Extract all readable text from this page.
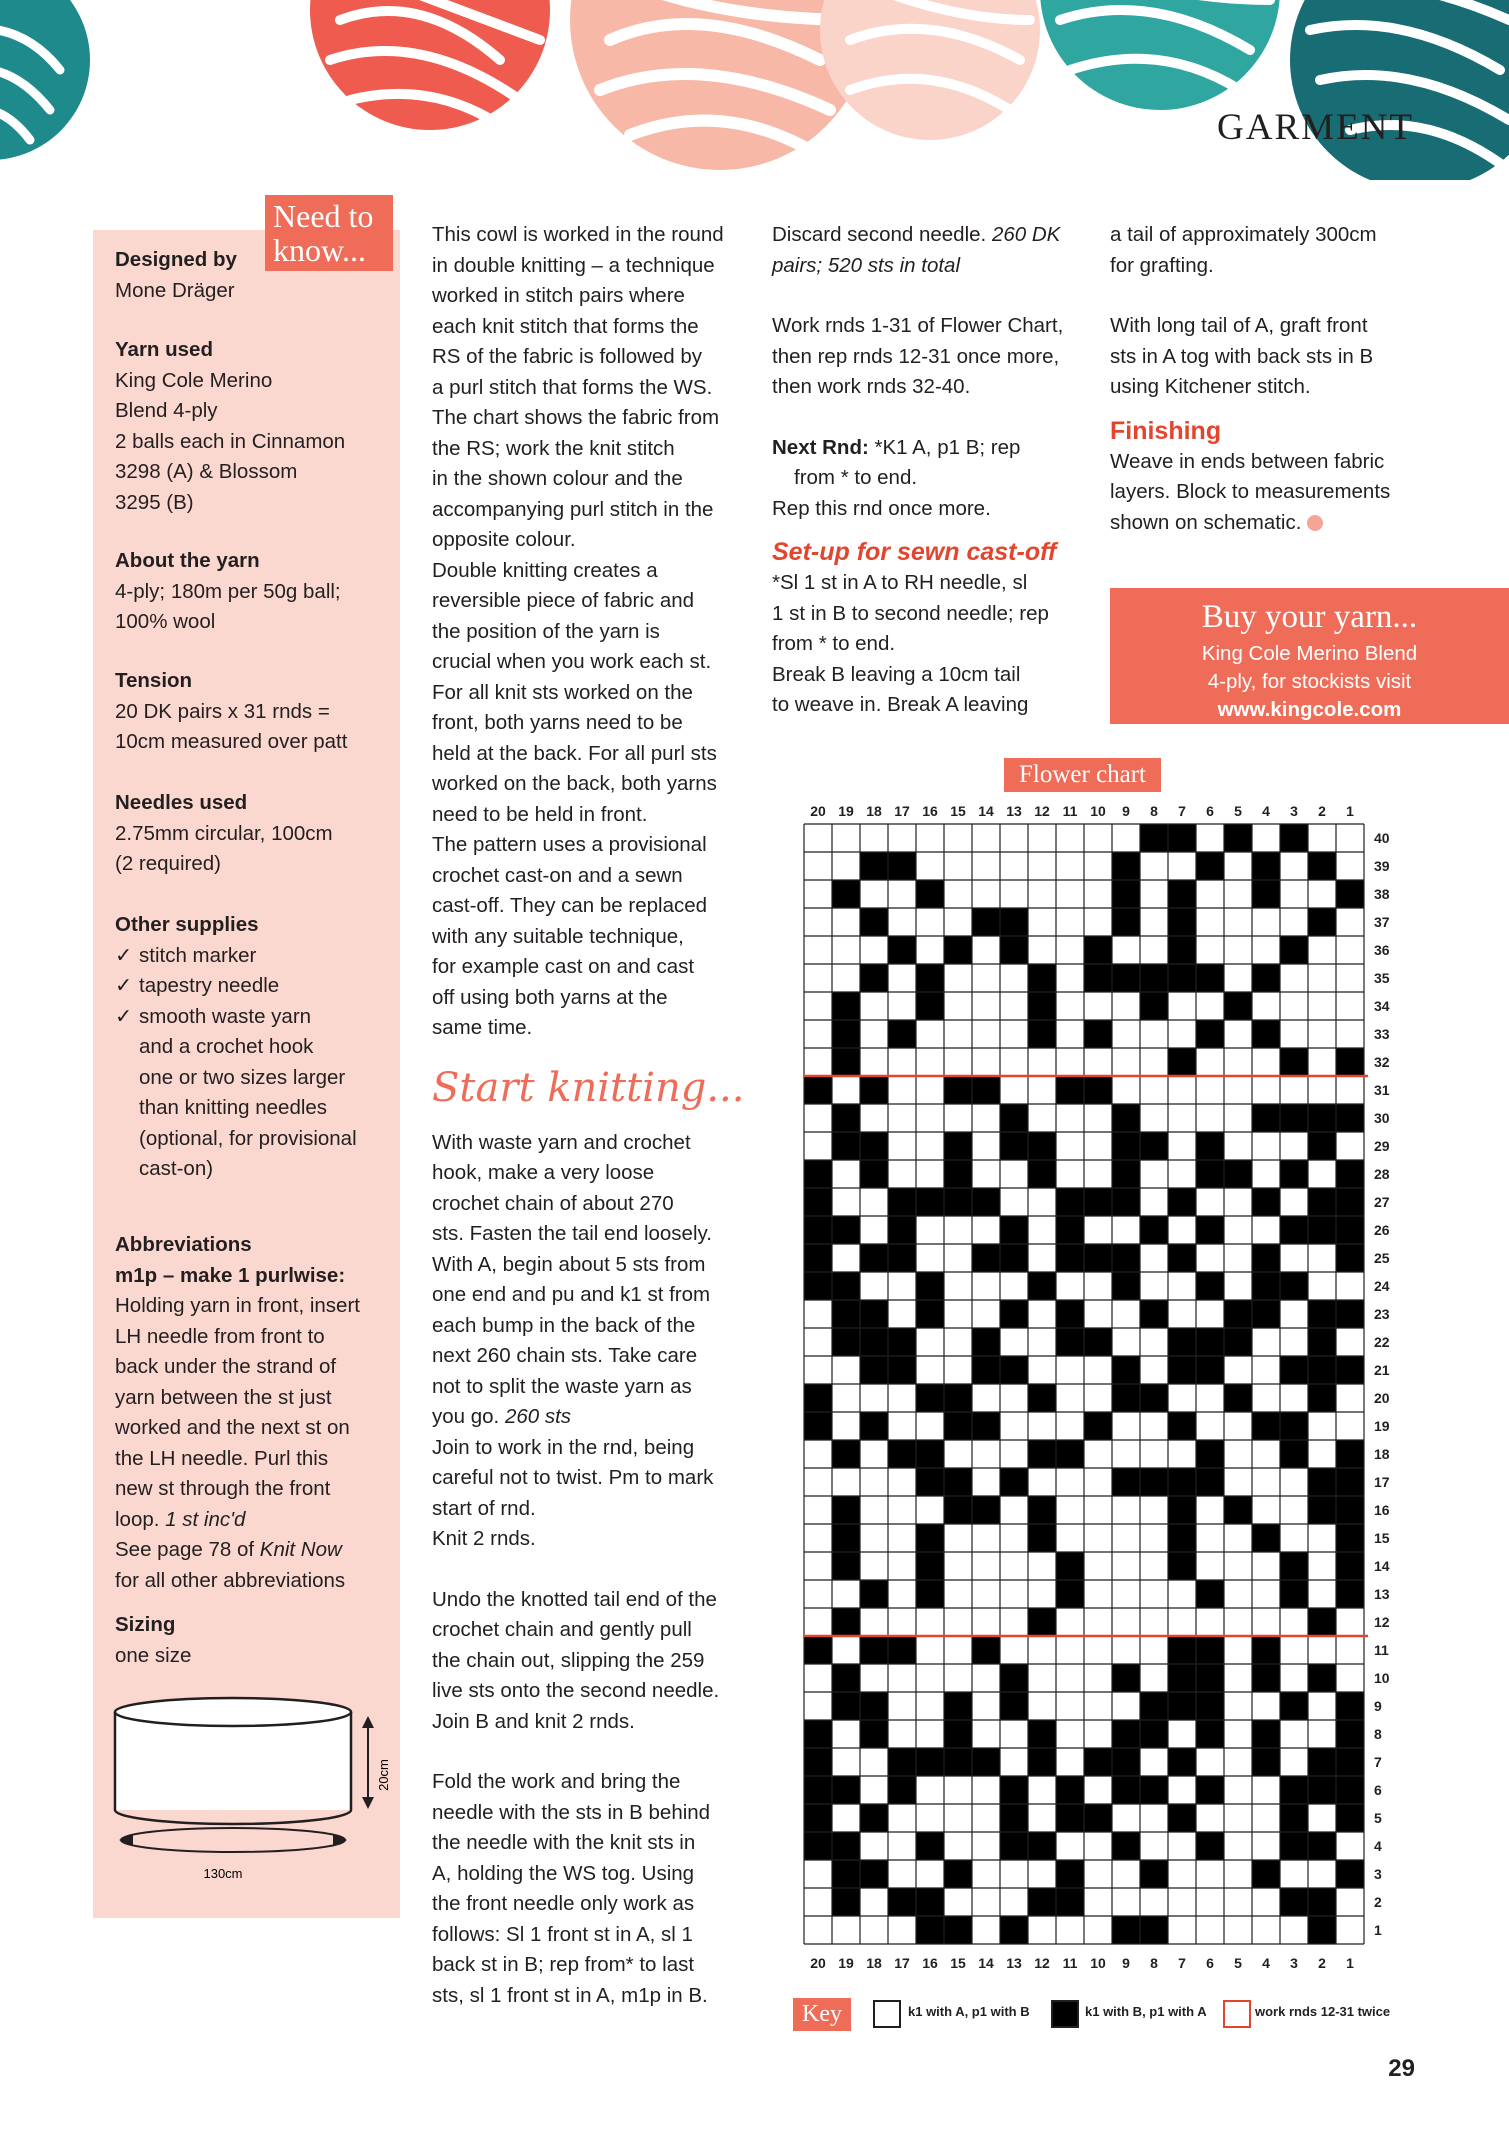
GARMENT
Designed by
Mone Dräger
Yarn used
King Cole Merino
Blend 4-ply
2 balls each in Cinnamon
3298 (A) & Blossom
3295 (B)
About the yarn
4-ply; 180m per 50g ball;
100% wool
Tension
20 DK pairs x 31 rnds =
10cm measured over patt
Needles used
2.75mm circular, 100cm
(2 required)
Other supplies
✓
stitch marker
✓
tapestry needle
✓
smooth waste yarn
and a crochet hook
one or two sizes larger
than knitting needles
(optional, for provisional
cast-on)
Abbreviations
m1p – make 1 purlwise:
Holding yarn in front, insert
LH needle from front to
back under the strand of
yarn between the st just
worked and the next st on
the LH needle. Purl this
new st through the front
loop. 1 st inc'd
See page 78 of Knit Now
for all other abbreviations
Sizing
one size
20cm
130cm
Need to know...	This cowl is worked in the round

in double knitting – a technique

worked in stitch pairs where

each knit stitch that forms the

RS of the fabric is followed by

a purl stitch that forms the WS.

The chart shows the fabric from

the RS; work the knit stitch

in the shown colour and the

accompanying purl stitch in the

opposite colour.

Double knitting creates a

reversible piece of fabric and

the position of the yarn is

crucial when you work each st.

For all knit sts worked on the

front, both yarns need to be

held at the back. For all purl sts

worked on the back, both yarns

need to be held in front.

The pattern uses a provisional

crochet cast-on and a sewn

cast-off. They can be replaced

with any suitable technique,

for example cast on and cast

off using both yarns at the

same time.

Start knitting...

With waste yarn and crochet

hook, make a very loose

crochet chain of about 270

sts. Fasten the tail end loosely.

With A, begin about 5 sts from

one end and pu and k1 st from

each bump in the back of the

next 260 chain sts. Take care

not to split the waste yarn as

you go. 260 sts

Join to work in the rnd, being

careful not to twist. Pm to mark

start of rnd.

Knit 2 rnds.

Undo the knotted tail end of the

crochet chain and gently pull

the chain out, slipping the 259

live sts onto the second needle.

Join B and knit 2 rnds.

Fold the work and bring the

needle with the sts in B behind

the needle with the knit sts in

A, holding the WS tog. Using

the front needle only work as

follows: Sl 1 front st in A, sl 1

back st in B; rep from* to last

sts, sl 1 front st in A, m1p in B.

Discard second needle. 260 DK

pairs; 520 sts in total

Work rnds 1-31 of Flower Chart,

then rep rnds 12-31 once more,

then work rnds 32-40.

Next Rnd: *K1 A, p1 B; rep

from * to end.

Rep this rnd once more.

Set-up for sewn cast-off

*Sl 1 st in A to RH needle, sl

1 st in B to second needle; rep

from * to end.

Break B leaving a 10cm tail

to weave in. Break A leaving

a tail of approximately 300cm

for grafting.

With long tail of A, graft front

sts in A tog with back sts in B

using Kitchener stitch.

Finishing

Weave in ends between fabric

layers. Block to measurements

shown on schematic.

Buy your yarn...
King Cole Merino Blend
4-ply, for stockists visit
www.kingcole.com
Flower chart
20
20
19
19
18
18
17
17
16
16
15
15
14
14
13
13
12
12
11
11
10
10
9
9
8
8
7
7
6
6
5
5
4
4
3
3
2
2
1
1
40
39
38
37
36
35
34
33
32
31
30
29
28
27
26
25
24
23
22
21
20
19
18
17
16
15
14
13
12
11
10
9
8
7
6
5
4
3
2
1
Key	k1 with A, p1 with B	k1 with B, p1 with A	work rnds 12-31 twice
29
